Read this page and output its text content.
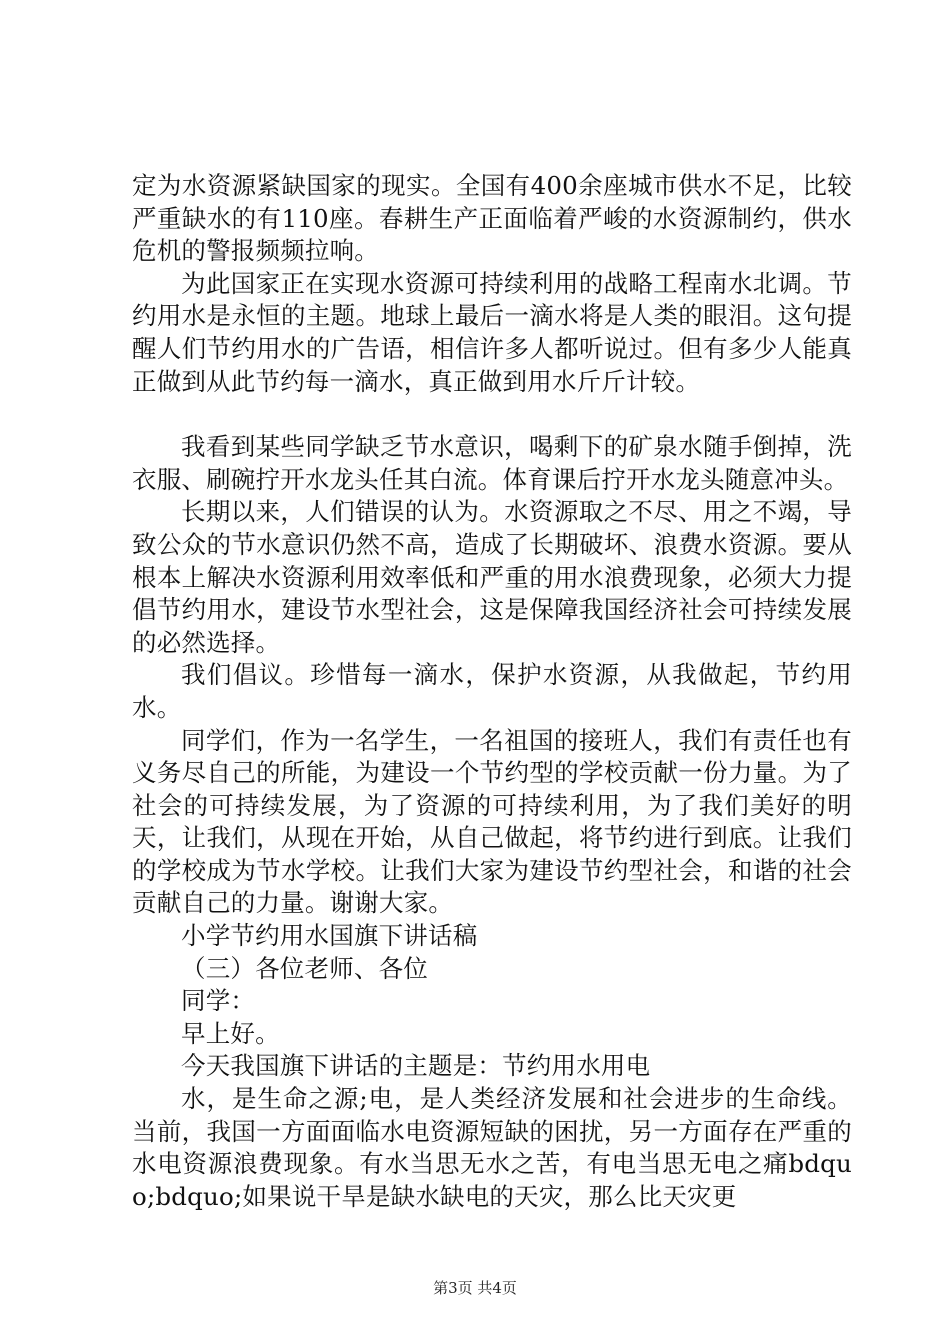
定为水资源紧缺国家的现实。全国有400余座城市供水不足，比较严重缺水的有110座。春耕生产正面临着严峻的水资源制约，供水危机的警报频频拉响。

为此国家正在实现水资源可持续利用的战略工程南水北调。节约用水是永恒的主题。地球上最后一滴水将是人类的眼泪。这句提醒人们节约用水的广告语，相信许多人都听说过。但有多少人能真正做到从此节约每一滴水，真正做到用水斤斤计较。

我看到某些同学缺乏节水意识，喝剩下的矿泉水随手倒掉，洗衣服、刷碗拧开水龙头任其白流。体育课后拧开水龙头随意冲头。

长期以来，人们错误的认为。水资源取之不尽、用之不竭，导致公众的节水意识仍然不高，造成了长期破坏、浪费水资源。要从根本上解决水资源利用效率低和严重的用水浪费现象，必须大力提倡节约用水，建设节水型社会，这是保障我国经济社会可持续发展的必然选择。

我们倡议。珍惜每一滴水，保护水资源，从我做起，节约用水。

同学们，作为一名学生，一名祖国的接班人，我们有责任也有义务尽自己的所能，为建设一个节约型的学校贡献一份力量。为了社会的可持续发展，为了资源的可持续利用，为了我们美好的明天，让我们，从现在开始，从自己做起，将节约进行到底。让我们的学校成为节水学校。让我们大家为建设节约型社会，和谐的社会贡献自己的力量。谢谢大家。

小学节约用水国旗下讲话稿

（三）各位老师、各位

同学：

早上好。

今天我国旗下讲话的主题是：节约用水用电

水，是生命之源;电，是人类经济发展和社会进步的生命线。当前，我国一方面面临水电资源短缺的困扰，另一方面存在严重的水电资源浪费现象。有水当思无水之苦，有电当思无电之痛bdquo;bdquo;如果说干旱是缺水缺电的天灾，那么比天灾更

第3页 共4页
